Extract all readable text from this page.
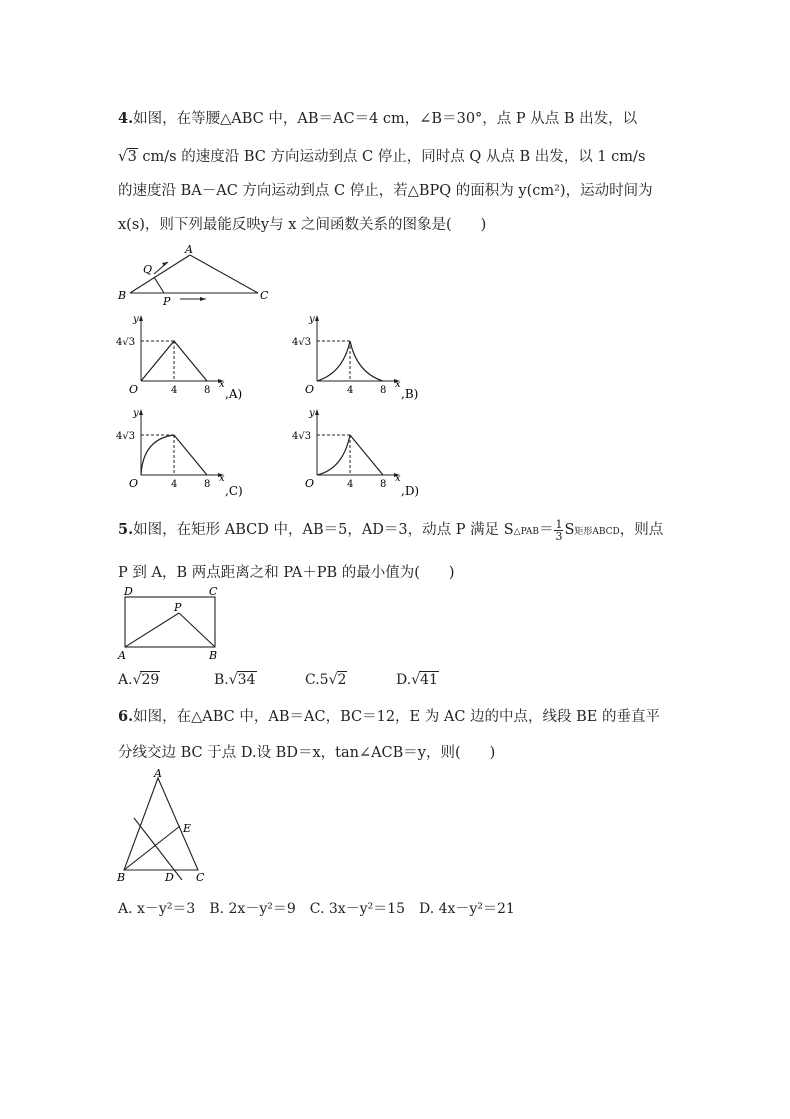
4.如图，在等腰△ABC 中，AB＝AC＝4 cm，∠B＝30°，点 P 从点 B 出发，以
√3 cm/s 的速度沿 BC 方向运动到点 C 停止，同时点 Q 从点 B 出发，以 1 cm/s
的速度沿 BA－AC 方向运动到点 C 停止，若△BPQ 的面积为 y(cm²)，运动时间为
x(s)，则下列最能反映y与 x 之间函数关系的图象是(　　)
A
B	C
Q
P
y
x
O
4√3
4	8 ,A)
y
x
O
4√3
4	8 ,B)
y
x
O
4√3
4	8 ,C)
y
x
O
4√3
4	8 ,D)
5.如图，在矩形 ABCD 中，AB＝5，AD＝3，动点 P 满足 S△PAB＝ $\frac{1}{3}$ S矩形ABCD，则点
P 到 A，B 两点距离之和 PA＋PB 的最小值为(　　)
D	C
A	B
P
A.√29	B.√34	C.5√2	D.√41
6.如图，在△ABC 中，AB＝AC，BC＝12，E 为 AC 边的中点，线段 BE 的垂直平
分线交边 BC 于点 D.设 BD＝x，tan∠ACB＝y，则(　　)
A
B	C
D
E
A. x－y²＝3　B. 2x－y²＝9　C. 3x－y²＝15　D. 4x－y²＝21
